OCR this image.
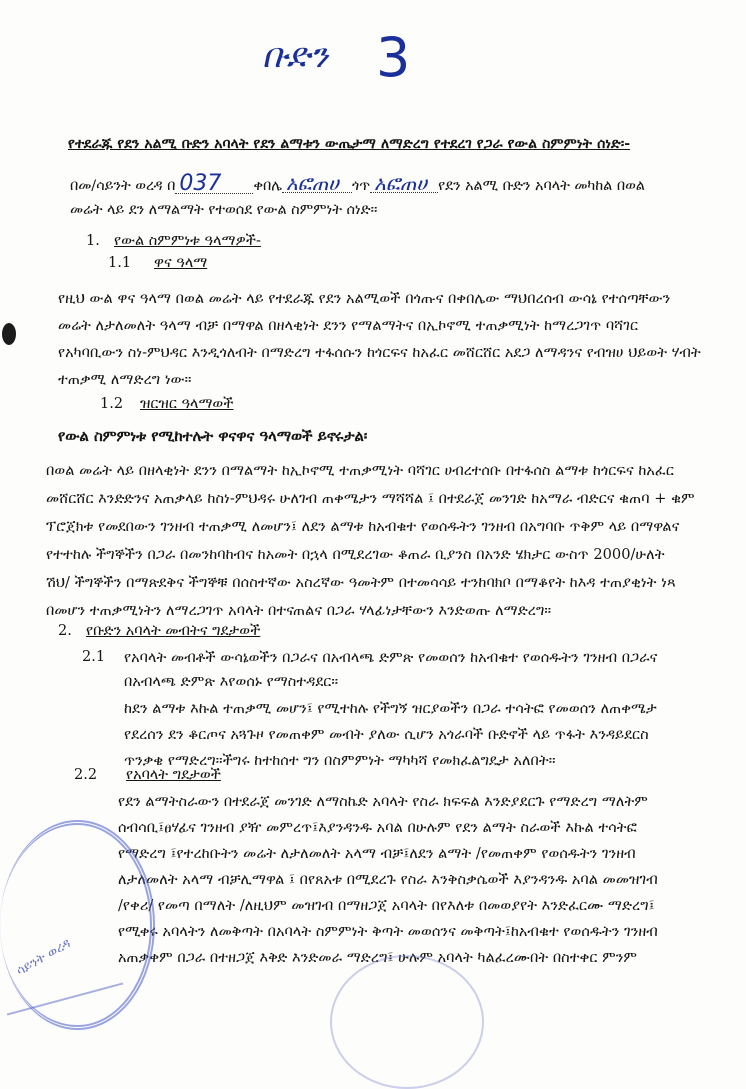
ቡድን 3
የተደራጁ የደን አልሚ ቡድን አባላት የደን ልማቱን ውጤታማ ለማድረግ የተደረገ የጋራ የውል ስምምነት ሰነድ፡-
በመ/ሳይንት ወረዳ በ 037 ቀበሌ አፎጠሀ ጎጥ አፎጠሀ የደን አልሚ ቡድን አባላት መካከል በወል
መሬት ላይ ደን ለማልማት የተወሰደ የውል ስምምነት ሰነድ።
1. የውል ስምምነቱ ዓላማዎች-
1.1 ዋና ዓላማ
የዚህ ውል ዋና ዓላማ በወል መሬት ላይ የተደራጁ የደን አልሚወች በጎጡና በቀበሌው ማህበረሰብ ውሳኔ የተሰጣቸውን
መሬት ለታለመለት ዓላማ ብቻ በማዋል በዘላቂነት ደንን የማልማትና በኢኮኖሚ ተጠቃሚነት ከማረጋገጥ ባሻገር
የአካባቢውን ስነ-ምህዳር እንዲጎለብት በማድረግ ተፋሰሱን ከጎርፍና ከአፈር መሸርሸር አደጋ ለማዳንና የብዝሀ ህይወት ሃብት
ተጠቃሚ ለማድረግ ነው።
1.2 ዝርዝር ዓላማወች
የውል ስምምነቱ የሚከተሉት ዋናዋና ዓላማወች ይኖሩታል፡
በወል መሬት ላይ በዘላቂነት ደንን በማልማት ከኢኮኖሚ ተጠቃሚነት ባሻገር ሀብረተሰቡ በተፋሰስ ልማቱ ከጎርፍና ከአፈር
መሸርሸር እንድድንና አጠቃላይ ከስነ-ምህዳሩ ሁለገብ ጠቀሜታን ማሻሻል ፤ በተደራጀ መንገድ ከአማራ ብድርና ቁጠባ + ቁም
ፕሮጀክቱ የመደበውን ገንዘብ ተጠቃሚ ለመሆን፤ ለደን ልማቱ ከአብቁተ የወሰዱትን ገንዘብ በአግባቡ ጥቅም ላይ በማዋልና
የተተከሉ ችግኞችን በጋራ በመንከባከብና ከአመት በኋላ በሚደረገው ቆጠራ ቢያንስ በአንድ ሄክታር ውስጥ 2000/ሁለት
ሽህ/ ችግኞችን በማጽደቅና ችግኞቹ በሰስተኛው አስረኛው ዓመትም በተመሳሳይ ተንከባክቦ በማቆየት ከእዳ ተጠያቂነት ነጻ
በመሆን ተጠቃሚነትን ለማረጋገጥ አባላት በተናጠልና በጋራ ሃላፊነታቸውን እንድወጡ ለማድረግ።
2. የቡድን አባላት መብትና ግደታወች
2.1	የአባላት መብቶች ውሳኔወችን በጋራና በአብላጫ ድምጽ የመወሰን ከአብቁተ የወሰዱትን ገንዘብ በጋራና
በአብላጫ ድምጽ እየወሰኑ የማስተዳደር።
ከደን ልማቱ እኩል ተጠቃሚ መሆን፤ የሚተከሉ የችግኝ ዝርያወችን በጋራ ተሳትፎ የመወሰን ለጠቀሜታ
የደረሰን ደን ቆርጦና አጓጉዞ የመጠቀም መብት ያለው ሲሆን አጎራባች ቡድኖች ላይ ጥፋት እንዳይደርስ
ጥንቃቄ የማድረግ።ችግሩ ከተከሰተ ግን በስምምነት ማካካሻ የመክፈልግዴታ አለበት።
2.2 የአባላት ግደታወች
የደን ልማትስራውን በተደራጀ መንገድ ለማስኬድ አባላት የስራ ክፍፍል እንድያደርጉ የማድረግ ማለትም
ሰብሳቢ፤ፀሃፊና ገንዘብ ያዥ መምረጥ፤እያንዳንዱ አባል በሁሉም የደን ልማት ስራወች እኩል ተሳትፎ
የማድረግ ፤የተረከቡትን መሬት ለታለመለት አላማ ብቻ፤ለደን ልማት /የመጠቀም የወሰዱትን ገንዘብ
ለታለመለት አላማ ብቻሊማዋል ፤ በየጸአቱ በሚደረጉ የስራ እንቅስቃሴወች እያንዳንዱ አባል መመዝገብ
/የቀሪ/ የመጣ በማለት /ለዚህም መዝገብ በማዘጋጀ አባላት በየእለቱ በመወያየት እንድፈርሙ ማድረግ፤
የሚቀሩ አባላትን ለመቅጣት በአባላት ስምምነት ቅጣት መወሰንና መቅጣት፤ከአብቁተ የወሰዱትን ገንዘብ
አጠቃቀም በጋራ በተዘጋጀ እቅድ እንድመራ ማድረግ፤ ሁሉም አባላት ካልፈረሙበት በስተቀር ምንም
ሳይንት ወረዳ
